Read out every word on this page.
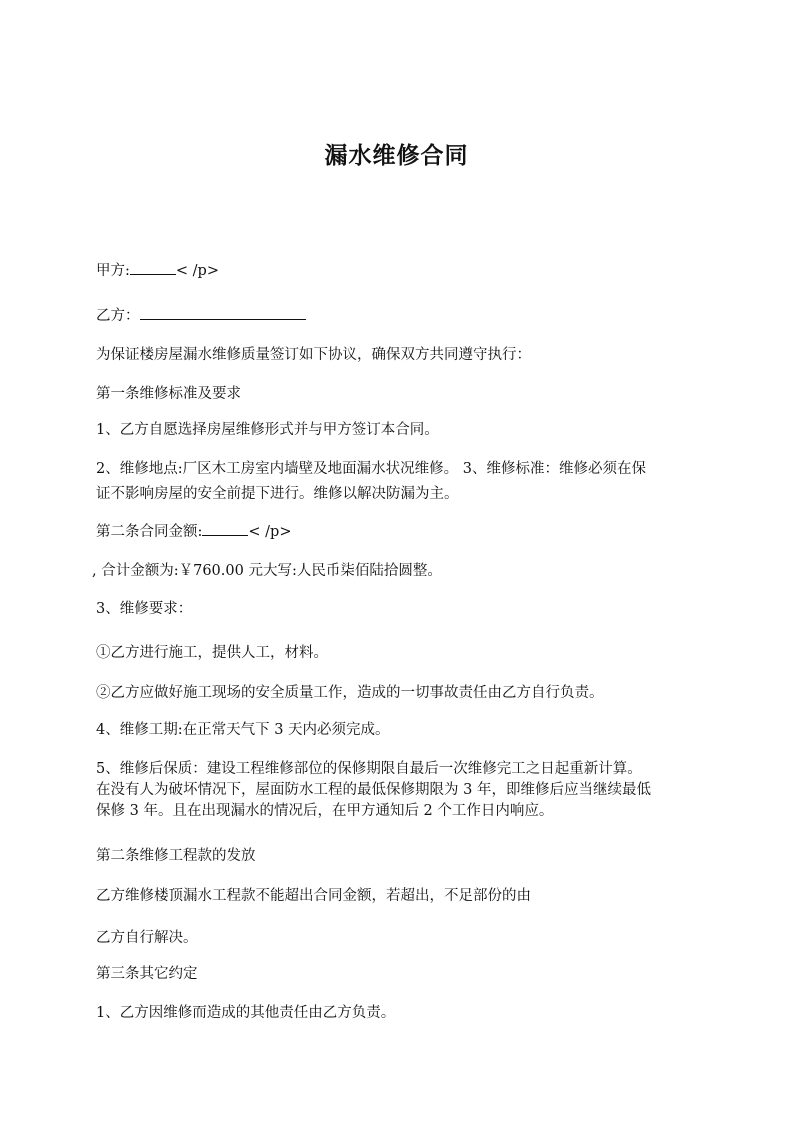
漏水维修合同
甲方:	< /p>
乙方：
为保证楼房屋漏水维修质量签订如下协议，确保双方共同遵守执行：
第一条维修标准及要求
1、乙方自愿选择房屋维修形式并与甲方签订本合同。
2、维修地点:厂区木工房室内墙壁及地面漏水状况维修。 3、维修标准：维修必须在保
证不影响房屋的安全前提下进行。维修以解决防漏为主。
第二条合同金额:	< /p>
, 合计金额为:￥760.00 元大写:人民币柒佰陆拾圆整。
3、维修要求：
①乙方进行施工，提供人工，材料。
②乙方应做好施工现场的安全质量工作，造成的一切事故责任由乙方自行负责。
4、维修工期:在正常天气下 3 天内必须完成。
5、维修后保质：建设工程维修部位的保修期限自最后一次维修完工之日起重新计算。
在没有人为破坏情况下，屋面防水工程的最低保修期限为 3 年，即维修后应当继续最低
保修 3 年。且在出现漏水的情况后，在甲方通知后 2 个工作日内响应。
第二条维修工程款的发放
乙方维修楼顶漏水工程款不能超出合同金额，若超出，不足部份的由
乙方自行解决。
第三条其它约定
1、乙方因维修而造成的其他责任由乙方负责。
